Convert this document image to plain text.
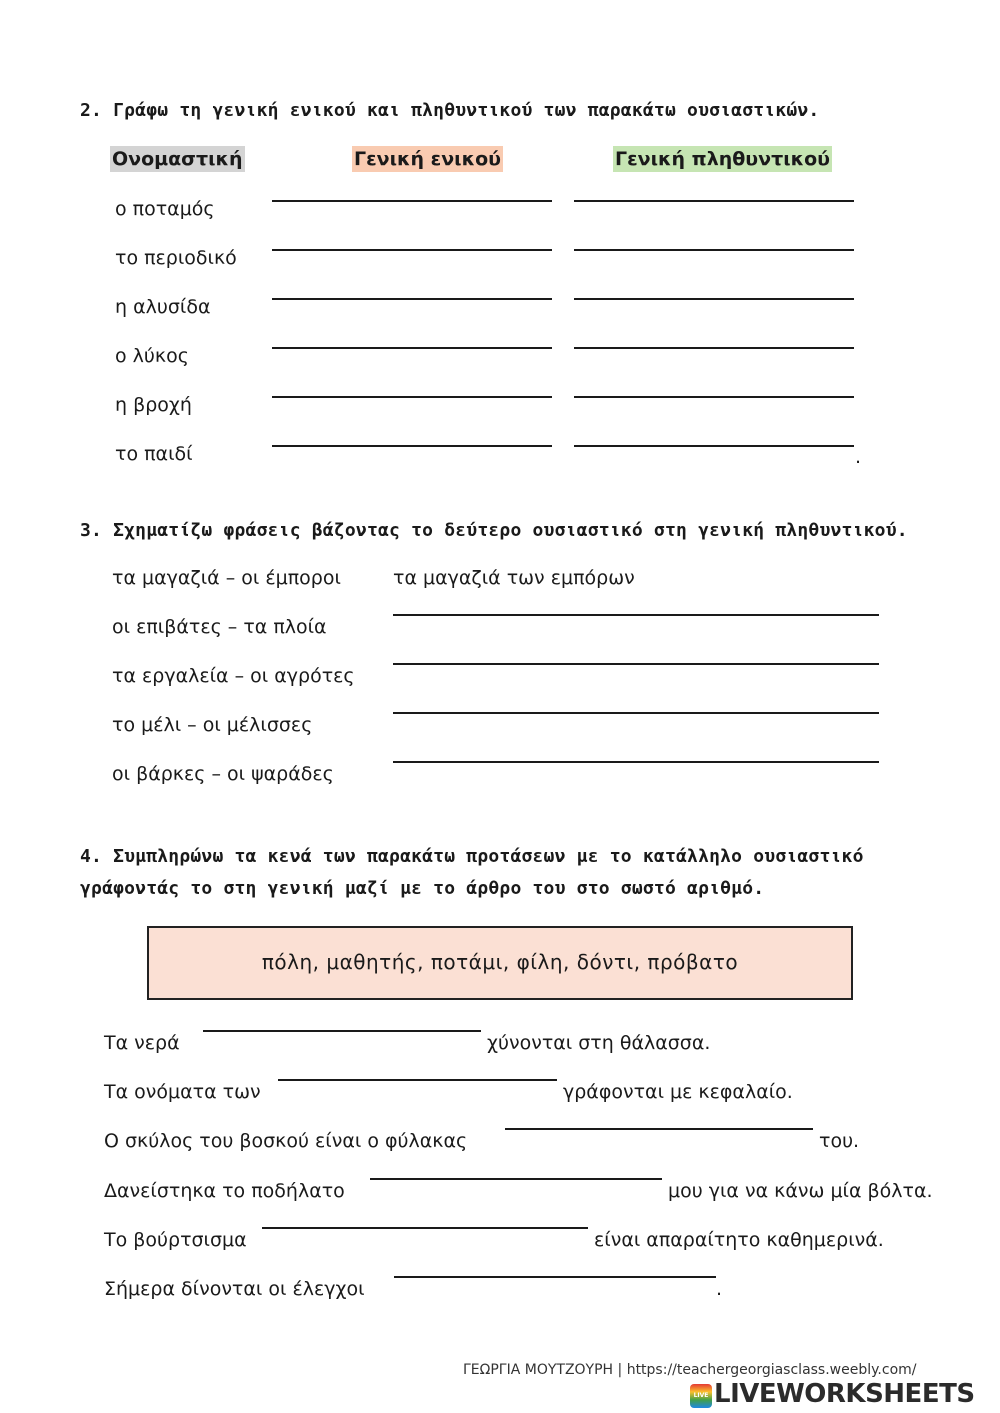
2. Γράφω τη γενική ενικού και πληθυντικού των παρακάτω ουσιαστικών.
Ονομαστική	Γενική ενικού	Γενική πληθυντικού
ο ποταμός
το περιοδικό
η αλυσίδα
ο λύκος
η βροχή
το παιδί	.
3. Σχηματίζω φράσεις βάζοντας το δεύτερο ουσιαστικό στη γενική πληθυντικού.
τα μαγαζιά – οι έμποροι	τα μαγαζιά των εμπόρων
οι επιβάτες – τα πλοία
τα εργαλεία – οι αγρότες
το μέλι – οι μέλισσες
οι βάρκες – οι ψαράδες
4. Συμπληρώνω τα κενά των παρακάτω προτάσεων με το κατάλληλο ουσιαστικό
γράφοντάς το στη γενική μαζί με το άρθρο του στο σωστό αριθμό.
πόλη, μαθητής, ποτάμι, φίλη, δόντι, πρόβατο
Τα νερά	χύνονται στη θάλασσα.
Τα ονόματα των	γράφονται με κεφαλαίο.
Ο σκύλος του βοσκού είναι ο φύλακας	του.
Δανείστηκα το ποδήλατο	μου για να κάνω μία βόλτα.
Το βούρτσισμα	είναι απαραίτητο καθημερινά.
Σήμερα δίνονται οι έλεγχοι	.
ΓΕΩΡΓΙΑ ΜΟΥΤΖΟΥΡΗ | https://teachergeorgiasclass.weebly.com/
LIVE LIVEWORKSHEETS
